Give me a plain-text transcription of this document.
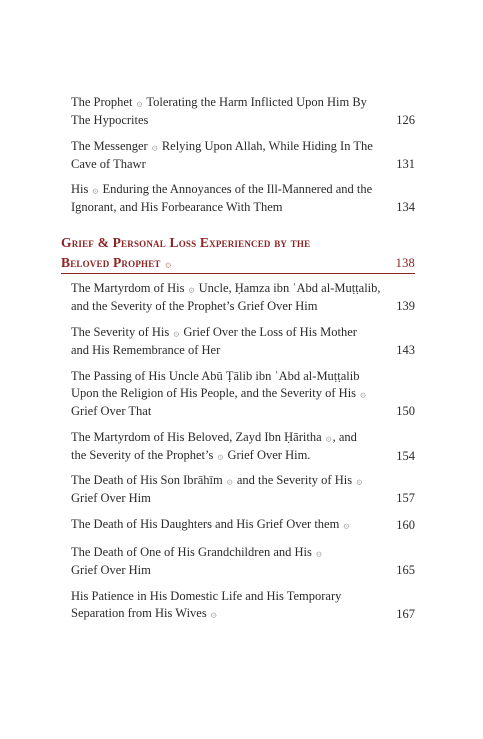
The Prophet ۞ Tolerating the Harm Inflicted Upon Him By The Hypocrites	126
The Messenger ۞ Relying Upon Allah, While Hiding In The Cave of Thawr	131
His ۞ Enduring the Annoyances of the Ill-Mannered and the Ignorant, and His Forbearance With Them	134
Grief & Personal Loss Experienced by the Beloved Prophet ۞	138
The Martyrdom of His ۞ Uncle, Ḥamza ibn ʿAbd al-Muṭṭalib, and the Severity of the Prophet’s Grief Over Him	139
The Severity of His ۞ Grief Over the Loss of His Mother and His Remembrance of Her	143
The Passing of His Uncle Abū Ṭālib ibn ʿAbd al-Muṭṭalib Upon the Religion of His People, and the Severity of His ۞ Grief Over That	150
The Martyrdom of His Beloved, Zayd Ibn Ḥāritha ۞, and the Severity of the Prophet’s ۞ Grief Over Him.	154
The Death of His Son Ibrāhīm ۞ and the Severity of His ۞ Grief Over Him	157
The Death of His Daughters and His Grief Over them ۞	160
The Death of One of His Grandchildren and His ۞ Grief Over Him	165
His Patience in His Domestic Life and His Temporary Separation from His Wives ۞	167
